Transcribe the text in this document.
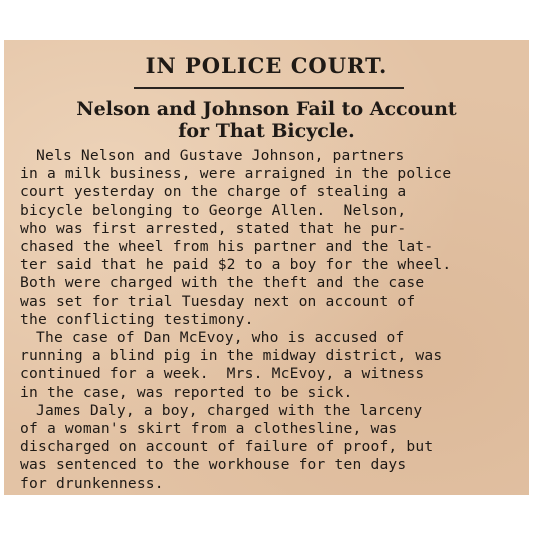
IN POLICE COURT.
Nelson and Johnson Fail to Account
for That Bicycle.
Nels Nelson and Gustave Johnson, partners
in a milk business, were arraigned in the police
court yesterday on the charge of stealing a
bicycle belonging to George Allen.  Nelson,
who was first arrested, stated that he pur-
chased the wheel from his partner and the lat-
ter said that he paid $2 to a boy for the wheel.
Both were charged with the theft and the case
was set for trial Tuesday next on account of
the conflicting testimony.
The case of Dan McEvoy, who is accused of
running a blind pig in the midway district, was
continued for a week.  Mrs. McEvoy, a witness
in the case, was reported to be sick.
James Daly, a boy, charged with the larceny
of a woman's skirt from a clothesline, was
discharged on account of failure of proof, but
was sentenced to the workhouse for ten days
for drunkenness.
